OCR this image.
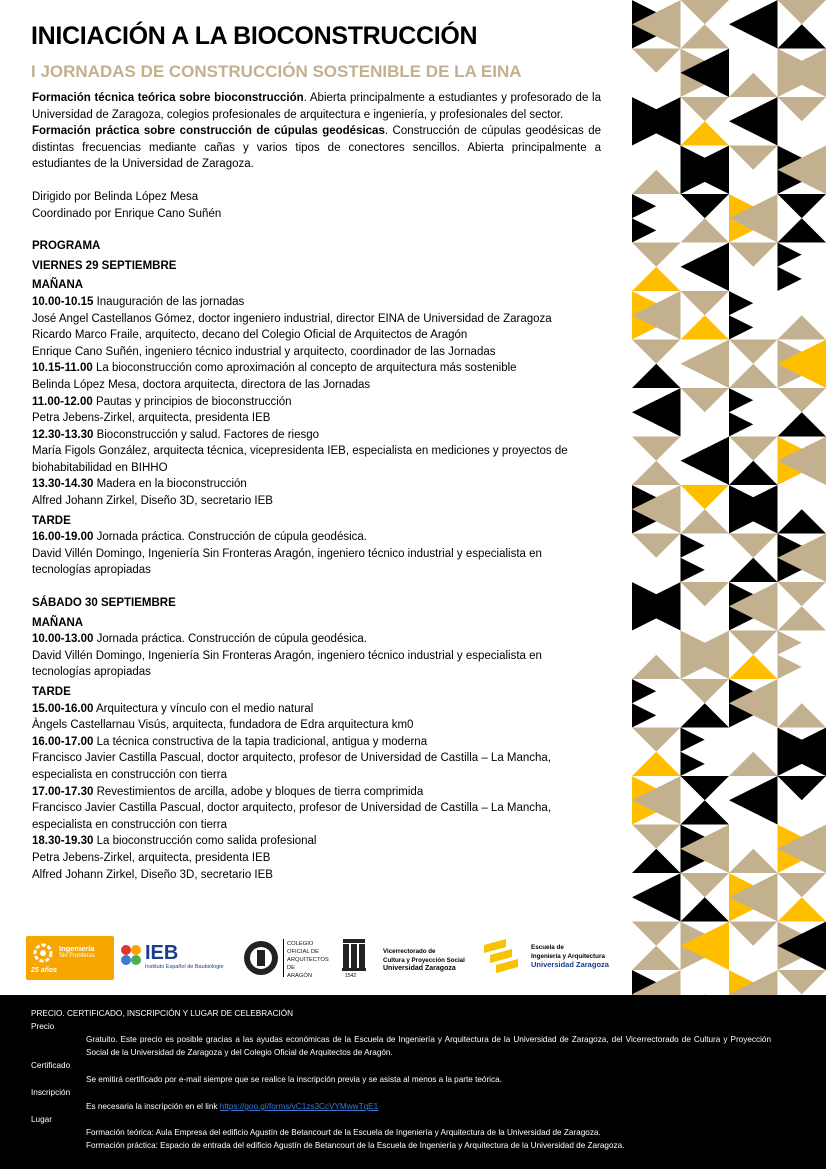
INICIACIÓN A LA BIOCONSTRUCCIÓN
I JORNADAS DE CONSTRUCCIÓN SOSTENIBLE DE LA EINA
Formación técnica teórica sobre bioconstrucción. Abierta principalmente a estudiantes y profesorado de la Universidad de Zaragoza, colegios profesionales de arquitectura e ingeniería, y profesionales del sector.
Formación práctica sobre construcción de cúpulas geodésicas. Construcción de cúpulas geodésicas de distintas frecuencias mediante cañas y varios tipos de conectores sencillos. Abierta principalmente a estudiantes de la Universidad de Zaragoza.
Dirigido por Belinda López Mesa
Coordinado por Enrique Cano Suñén
PROGRAMA
VIERNES 29 SEPTIEMBRE
MAÑANA
10.00-10.15 Inauguración de las jornadas
José Angel Castellanos Gómez, doctor ingeniero industrial, director EINA de Universidad de Zaragoza
Ricardo Marco Fraile, arquitecto, decano del Colegio Oficial de Arquitectos de Aragón
Enrique Cano Suñén, ingeniero técnico industrial y arquitecto, coordinador de las Jornadas
10.15-11.00 La bioconstrucción como aproximación al concepto de arquitectura más sostenible
Belinda López Mesa, doctora arquitecta, directora de las Jornadas
11.00-12.00 Pautas y principios de bioconstrucción
Petra Jebens-Zirkel, arquitecta, presidenta IEB
12.30-13.30 Bioconstrucción y salud. Factores de riesgo
María Figols González, arquitecta técnica, vicepresidenta IEB, especialista en mediciones y proyectos de biohabitabilidad en BIHHO
13.30-14.30 Madera en la bioconstrucción
Alfred Johann Zirkel, Diseño 3D, secretario IEB
TARDE
16.00-19.00 Jornada práctica. Construcción de cúpula geodésica.
David Villén Domingo, Ingeniería Sin Fronteras Aragón, ingeniero técnico industrial y especialista en tecnologías apropiadas
SÁBADO 30 SEPTIEMBRE
MAÑANA
10.00-13.00 Jornada práctica. Construcción de cúpula geodésica.
David Villén Domingo, Ingeniería Sin Fronteras Aragón, ingeniero técnico industrial y especialista en tecnologías apropiadas
TARDE
15.00-16.00 Arquitectura y vínculo con el medio natural
Àngels Castellarnau Visús, arquitecta, fundadora de Edra arquitectura km0
16.00-17.00 La técnica constructiva de la tapia tradicional, antigua y moderna
Francisco Javier Castilla Pascual, doctor arquitecto, profesor de Universidad de Castilla – La Mancha, especialista en construcción con tierra
17.00-17.30 Revestimientos de arcilla, adobe y bloques de tierra comprimida
Francisco Javier Castilla Pascual, doctor arquitecto, profesor de Universidad de Castilla – La Mancha, especialista en construcción con tierra
18.30-19.30 La bioconstrucción como salida profesional
Petra Jebens-Zirkel, arquitecta, presidenta IEB
Alfred Johann Zirkel, Diseño 3D, secretario IEB
Ingeniería
Sin Fronteras
25 años
IEB
Instituto Español de Baubiologie
COLEGIO
OFICIAL DE
ARQUITECTOS DE
ARAGÓN	1542
Vicerrectorado de
Cultura y Proyección Social
Universidad Zaragoza
Escuela de
Ingeniería y Arquitectura
Universidad Zaragoza
PRECIO. CERTIFICADO, INSCRIPCIÓN Y LUGAR DE CELEBRACIÓN
Precio
Gratuito. Este precio es posible gracias a las ayudas económicas de la Escuela de Ingeniería y Arquitectura de la Universidad de Zaragoza, del Vicerrectorado de Cultura y Proyección Social de la Universidad de Zaragoza y del Colegio Oficial de Arquitectos de Aragón.
Certificado
Se emitirá certificado por e-mail siempre que se realice la inscripción previa y se asista al menos a la parte teórica.
Inscripción
Es necesaria la inscripción en el link https://goo.gl/forms/vC1zs3CcVYMwwTqE1
Lugar
Formación teórica: Aula Empresa del edificio Agustín de Betancourt de la Escuela de Ingeniería y Arquitectura de la Universidad de Zaragoza.
Formación práctica: Espacio de entrada del edificio Agustín de Betancourt de la Escuela de Ingeniería y Arquitectura de la Universidad de Zaragoza.
